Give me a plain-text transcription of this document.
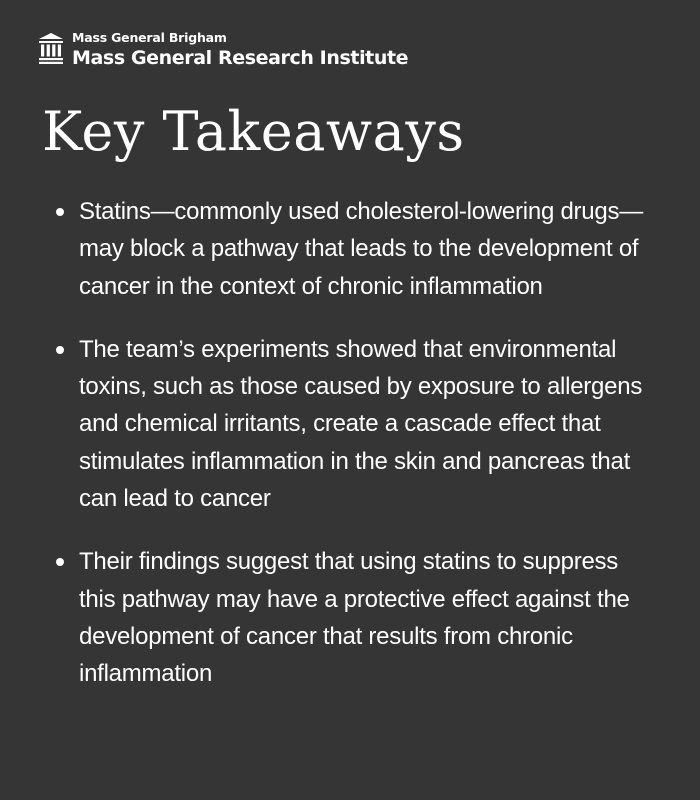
Mass General Brigham
Mass General Research Institute
Key Takeaways
Statins—commonly used cholesterol-lowering drugs—may block a pathway that leads to the development of cancer in the context of chronic inflammation
The team’s experiments showed that environmental toxins, such as those caused by exposure to allergens and chemical irritants, create a cascade effect that stimulates inflammation in the skin and pancreas that can lead to cancer
Their findings suggest that using statins to suppress this pathway may have a protective effect against the development of cancer that results from chronic inflammation
